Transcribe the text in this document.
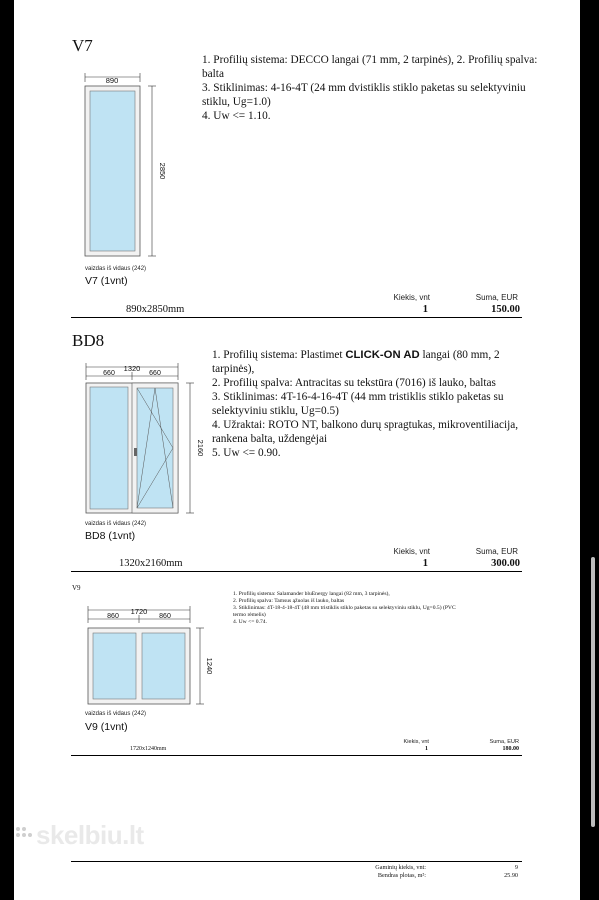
V7
1. Profilių sistema: DECCO langai (71 mm, 2 tarpinės), 2. Profilių spalva:
balta
3. Stiklinimas: 4-16-4T (24 mm dvistiklis stiklo paketas su selektyviniu
stiklu, Ug=1.0)
4. Uw <= 1.10.
890
2850
vaizdas iš vidaus (242)
V7 (1vnt)
Kiekis, vnt	Suma, EUR
890x2850mm	1	150.00
BD8
1. Profilių sistema: Plastimet CLICK-ON AD langai (80 mm, 2
tarpinės),
2. Profilių spalva: Antracitas su tekstūra (7016) iš lauko, baltas
3. Stiklinimas: 4T-16-4-16-4T (44 mm tristiklis stiklo paketas su
selektyviniu stiklu, Ug=0.5)
4. Užraktai: ROTO NT, balkono durų spragtukas, mikroventiliacija,
rankena balta, uždengėjai
5. Uw <= 0.90.
1320
660	660
2160
vaizdas iš vidaus (242)
BD8 (1vnt)
Kiekis, vnt	Suma, EUR
1320x2160mm	1	300.00
V9
1. Profilių sistema: Salamander bluEnergy langai (82 mm, 3 tarpinės),
2. Profilių spalva: Tamsus ąžuolas iš lauko, baltas
3. Stiklinimas: 4T-18-4-18-4T (48 mm tristiklis stiklo paketas su selektyviniu stiklu, Ug=0.5) (PVC
termo rėmelis)
4. Uw <= 0.74.
1720
860	860
1240
vaizdas iš vidaus (242)
V9 (1vnt)
Kiekis, vnt	Suma, EUR
1720x1240mm	1	180.00
Gaminių kiekis, vnt:	9
Bendras plotas, m²:	25.90
skelbiu.lt
